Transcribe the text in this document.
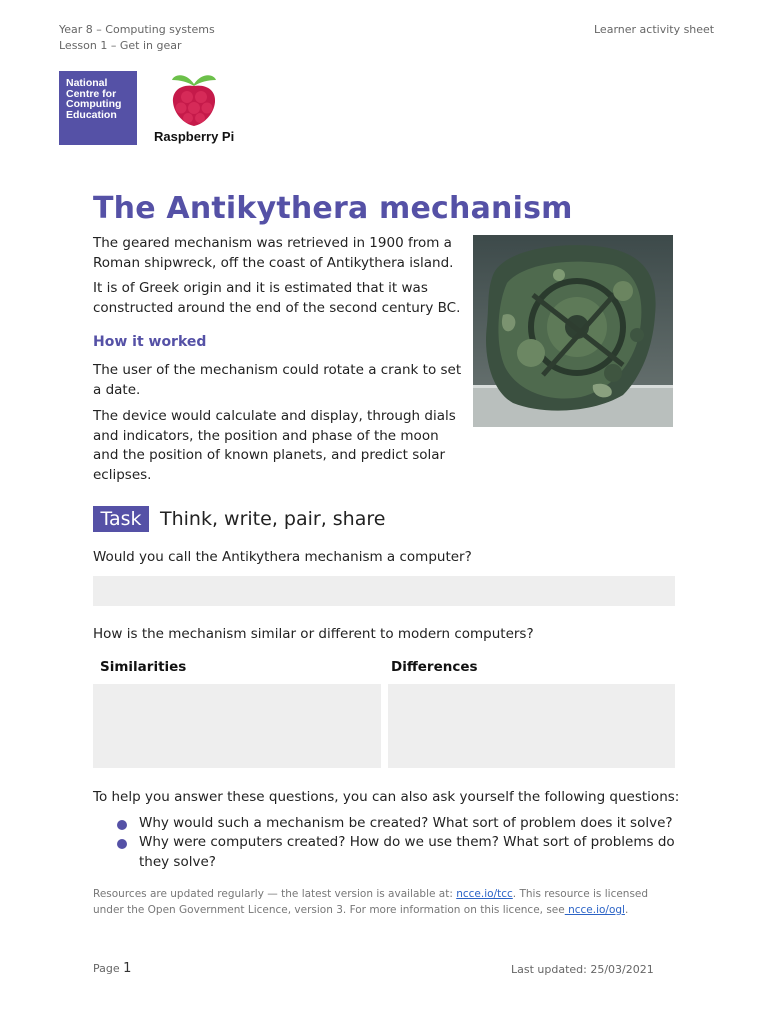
Year 8 – Computing systems
Lesson 1 – Get in gear
Learner activity sheet
National
Centre for
Computing
Education
Raspberry Pi
The Antikythera mechanism
The geared mechanism was retrieved in 1900 from a
Roman shipwreck, off the coast of Antikythera island.
It is of Greek origin and it is estimated that it was
constructed around the end of the second century BC.
How it worked
The user of the mechanism could rotate a crank to set
a date.
The device would calculate and display, through dials
and indicators, the position and phase of the moon
and the position of known planets, and predict solar
eclipses.
Task Think, write, pair, share
Would you call the Antikythera mechanism a computer?
How is the mechanism similar or different to modern computers?
Similarities	Differences
To help you answer these questions, you can also ask yourself the following questions:
Why would such a mechanism be created? What sort of problem does it solve?
Why were computers created? How do we use them? What sort of problems do
they solve?
Resources are updated regularly — the latest version is available at: ncce.io/tcc. This resource is licensed
under the Open Government Licence, version 3. For more information on this licence, see ncce.io/ogl.
Page 1	Last updated: 25/03/2021
